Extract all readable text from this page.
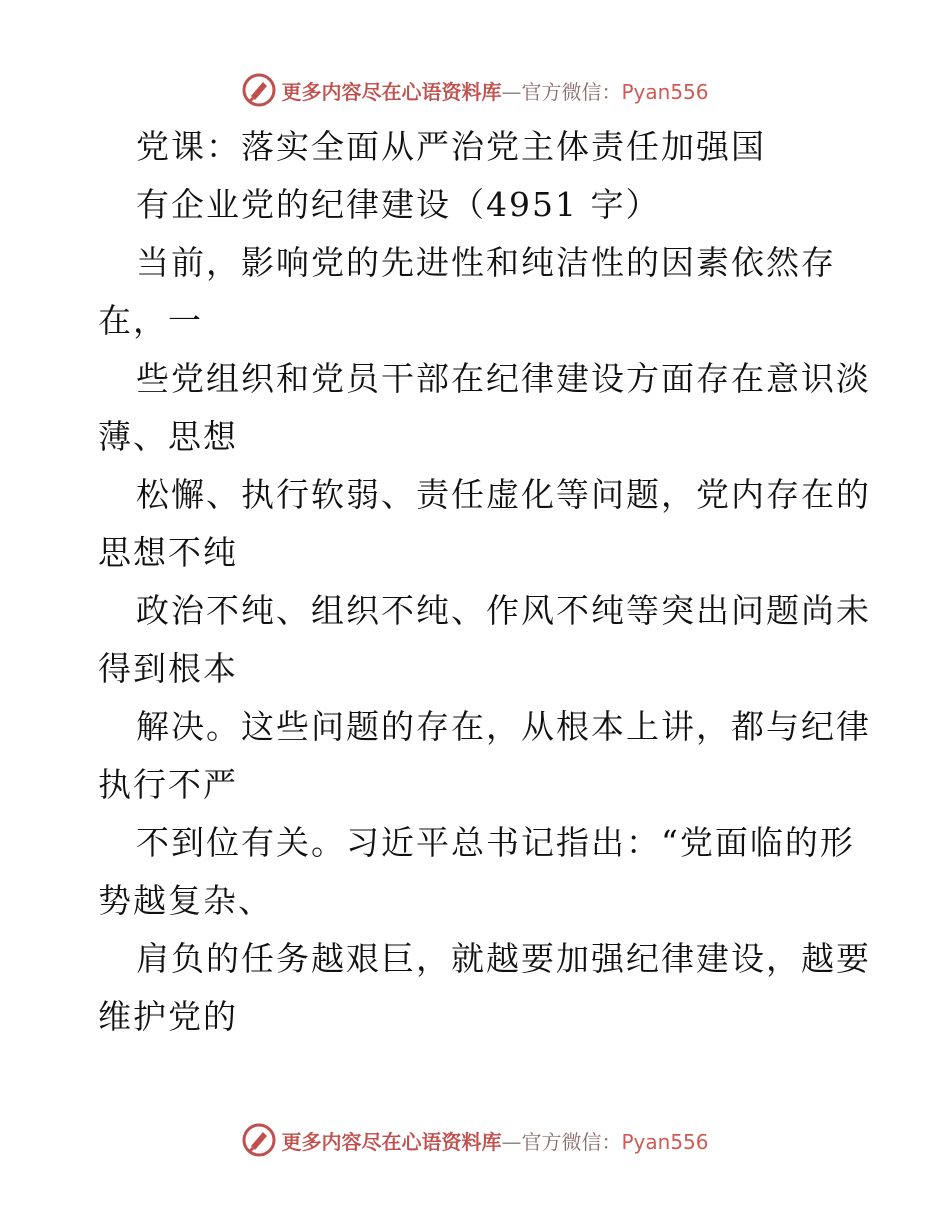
更多内容尽在心语资料库—官方微信：Pyan556
党课：落实全面从严治党主体责任加强国
有企业党的纪律建设（4951 字）
当前，影响党的先进性和纯洁性的因素依然存
在，一
些党组织和党员干部在纪律建设方面存在意识淡
薄、思想
松懈、执行软弱、责任虚化等问题，党内存在的
思想不纯
政治不纯、组织不纯、作风不纯等突出问题尚未
得到根本
解决。这些问题的存在，从根本上讲，都与纪律
执行不严
不到位有关。习近平总书记指出：“党面临的形
势越复杂、
肩负的任务越艰巨，就越要加强纪律建设，越要
维护党的
更多内容尽在心语资料库—官方微信：Pyan556
